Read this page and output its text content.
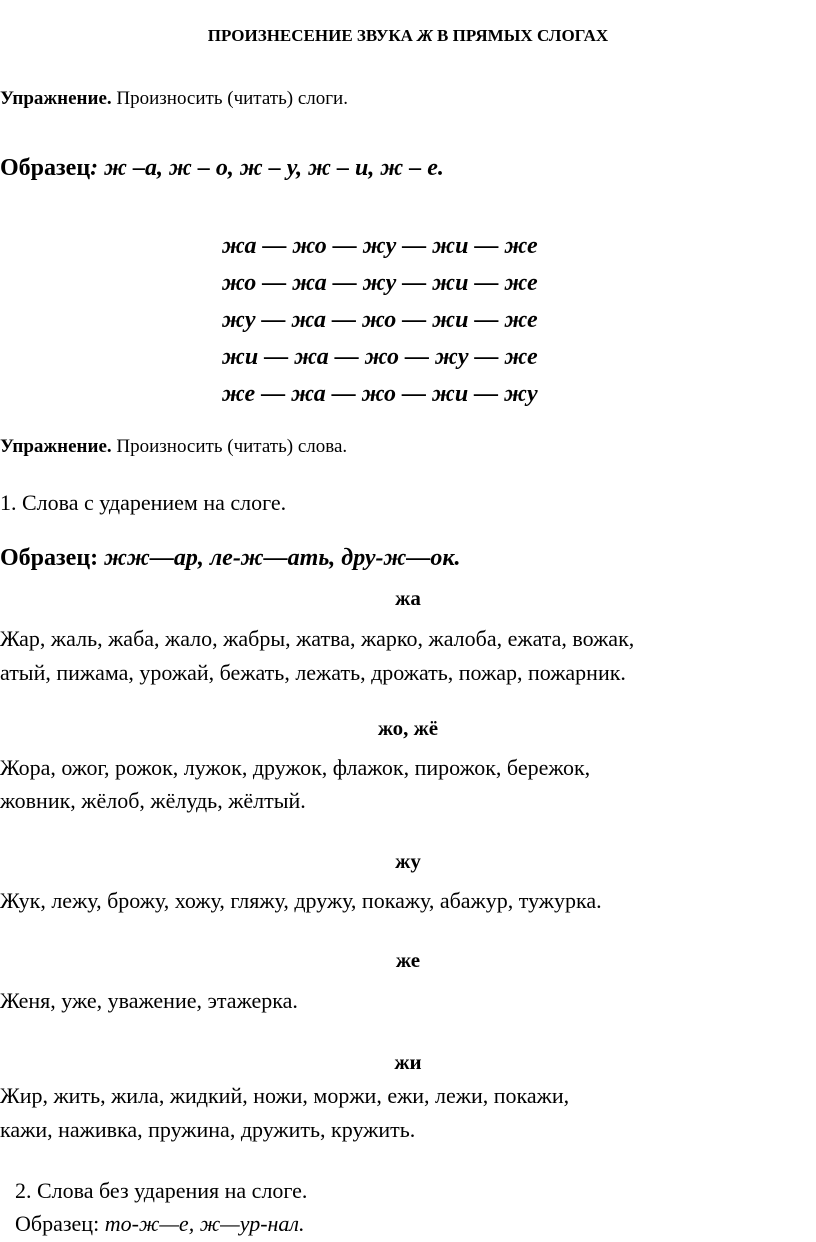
ПРОИЗНЕСЕНИЕ ЗВУКА Ж В ПРЯМЫХ СЛОГАХ

Упражнение. Произносить (читать) слоги.

Образец: ж –а, ж – о, ж – у, ж – и, ж – е.

жа — жо — жу — жи — же

жо — жа — жу — жи — же

жу — жа — жо — жи — же

жи — жа — жо — жу — же

же — жа — жо — жи — жу

Упражнение. Произносить (читать) слова.

1. Слова с ударением на слоге.

Образец: жж—ар, ле-ж—ать, дру-ж—ок.

жа

Жар, жаль, жаба, жало, жабры, жатва, жарко, жалоба, ежата, вожак,

атый, пижама, урожай, бежать, лежать, дрожать, пожар, пожарник.

жо, жё

Жора, ожог, рожок, лужок, дружок, флажок, пирожок, бережок,

жовник, жёлоб, жёлудь, жёлтый.

жу

Жук, лежу, брожу, хожу, гляжу, дружу, покажу, абажур, тужурка.

же

Женя, уже, уважение, этажерка.

жи

Жир, жить, жила, жидкий, ножи, моржи, ежи, лежи, покажи,

кажи, наживка, пружина, дружить, кружить.

2. Слова без ударения на слоге.

Образец: то-ж—е, ж—ур-нал.
